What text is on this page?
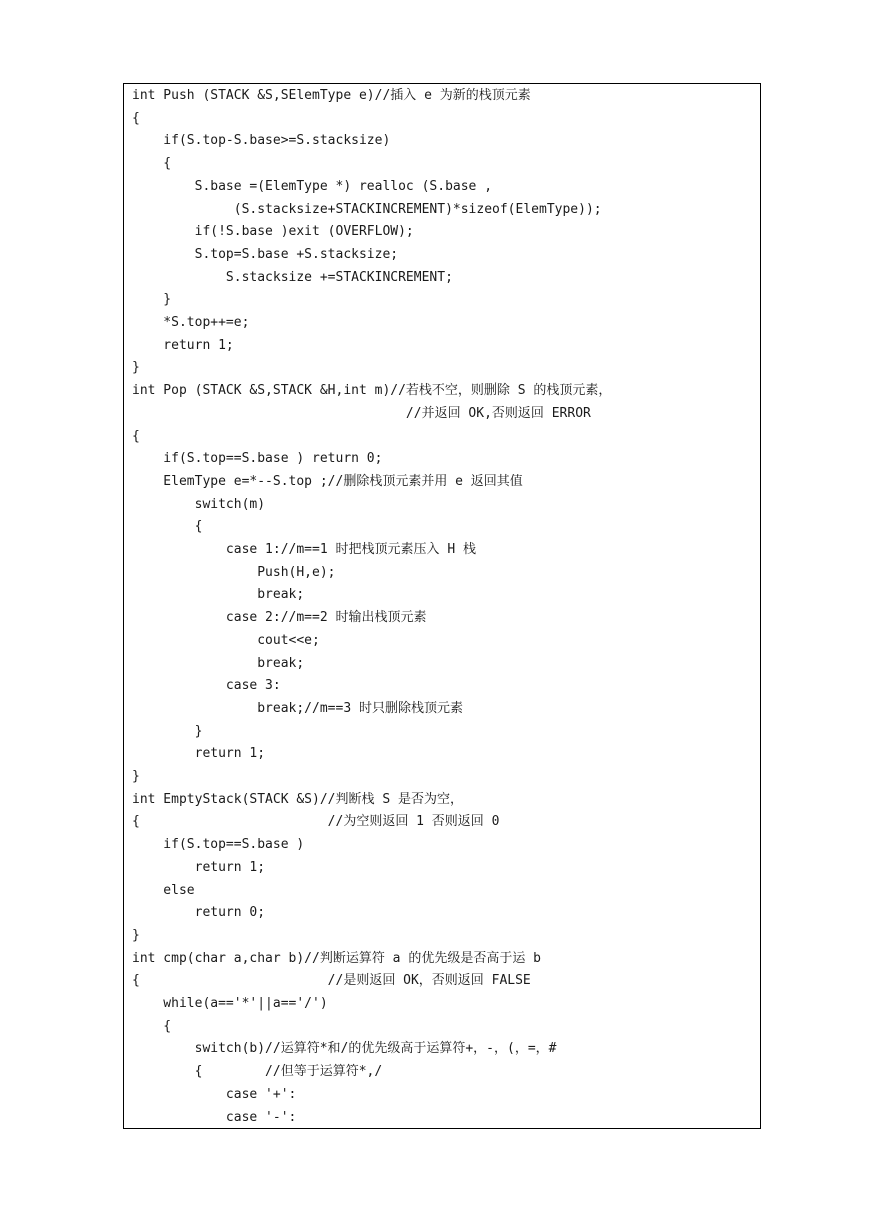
int Push (STACK &S,SElemType e)//插入 e 为新的栈顶元素
{
if(S.top-S.base>=S.stacksize)
{
S.base =(ElemType *) realloc (S.base ,
(S.stacksize+STACKINCREMENT)*sizeof(ElemType));
if(!S.base )exit (OVERFLOW);
S.top=S.base +S.stacksize;
S.stacksize +=STACKINCREMENT;
}
*S.top++=e;
return 1;
}
int Pop (STACK &S,STACK &H,int m)//若栈不空，则删除 S 的栈顶元素，
//并返回 OK,否则返回 ERROR
{
if(S.top==S.base ) return 0;
ElemType e=*--S.top ;//删除栈顶元素并用 e 返回其值
switch(m)
{
case 1://m==1 时把栈顶元素压入 H 栈
Push(H,e);
break;
case 2://m==2 时输出栈顶元素
cout<<e;
break;
case 3:
break;//m==3 时只删除栈顶元素
}
return 1;
}
int EmptyStack(STACK &S)//判断栈 S 是否为空，
{                        //为空则返回 1 否则返回 0
if(S.top==S.base )
return 1;
else
return 0;
}
int cmp(char a,char b)//判断运算符 a 的优先级是否高于运 b
{                        //是则返回 OK，否则返回 FALSE
while(a=='*'||a=='/')
{
switch(b)//运算符*和/的优先级高于运算符+，-，(，=，#
{        //但等于运算符*,/
case '+':
case '-':
